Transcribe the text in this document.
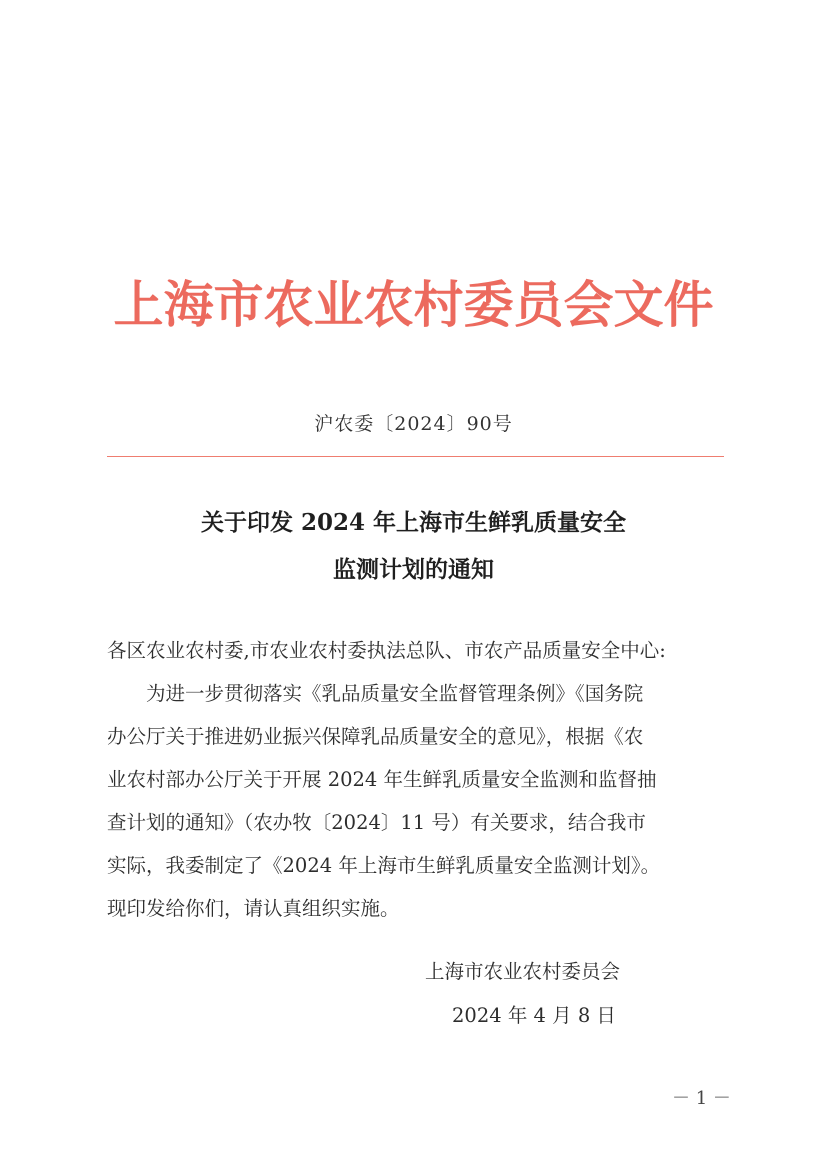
上海市农业农村委员会文件
沪农委〔2024〕90号
关于印发 2024 年上海市生鲜乳质量安全
监测计划的通知
各区农业农村委,市农业农村委执法总队、市农产品质量安全中心:
为进一步贯彻落实《乳品质量安全监督管理条例》《国务院
办公厅关于推进奶业振兴保障乳品质量安全的意见》，根据《农
业农村部办公厅关于开展 2024 年生鲜乳质量安全监测和监督抽
查计划的通知》（农办牧〔2024〕11 号）有关要求，结合我市
实际，我委制定了《2024 年上海市生鲜乳质量安全监测计划》。
现印发给你们，请认真组织实施。
上海市农业农村委员会
2024 年 4 月 8 日
－ 1 －
